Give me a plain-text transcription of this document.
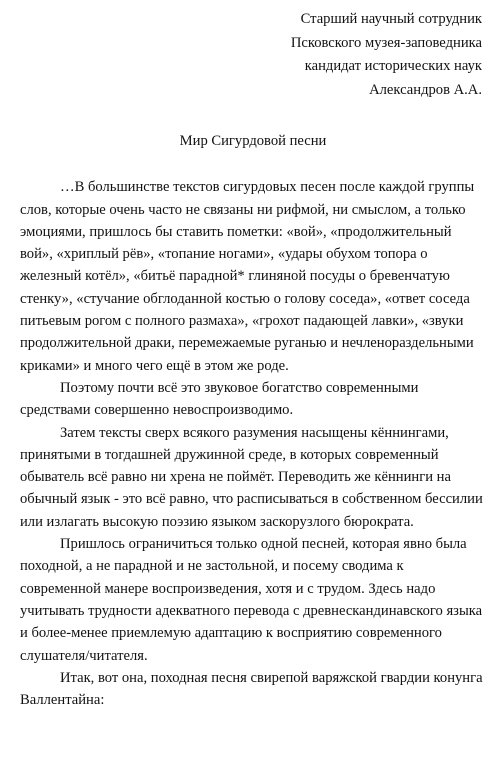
Старший научный сотрудник
Псковского музея-заповедника
кандидат исторических наук
Александров А.А.
Мир Сигурдовой песни

…В большинстве текстов сигурдовых песен после каждой группы слов, которые очень часто не связаны ни рифмой, ни смыслом, а только эмоциями, пришлось бы ставить пометки: «вой», «продолжительный вой», «хриплый рёв», «топание ногами», «удары обухом топора о железный котёл», «битьё парадной* глиняной посуды о бревенчатую стенку», «стучание обглоданной костью о голову соседа», «ответ соседа питьевым рогом с полного размаха», «грохот падающей лавки», «звуки продолжительной драки, перемежаемые руганью и нечленораздельными криками» и много чего ещё в этом же роде.

Поэтому почти всё это звуковое богатство современными средствами совершенно невоспроизводимо.

Затем тексты сверх всякого разумения насыщены кённингами, принятыми в тогдашней дружинной среде, в которых современный обыватель всё равно ни хрена не поймёт. Переводить же кённинги на обычный язык - это всё равно, что расписываться в собственном бессилии или излагать высокую поэзию языком заскорузлого бюрократа.

Пришлось ограничиться только одной песней, которая явно была походной, а не парадной и не застольной, и посему сводима к современной манере воспроизведения, хотя и с трудом. Здесь надо учитывать трудности адекватного перевода с древнескандинавского языка и более-менее приемлемую адаптацию к восприятию современного слушателя/читателя.

Итак, вот она, походная песня свирепой варяжской гвардии конунга Валлентайна:
